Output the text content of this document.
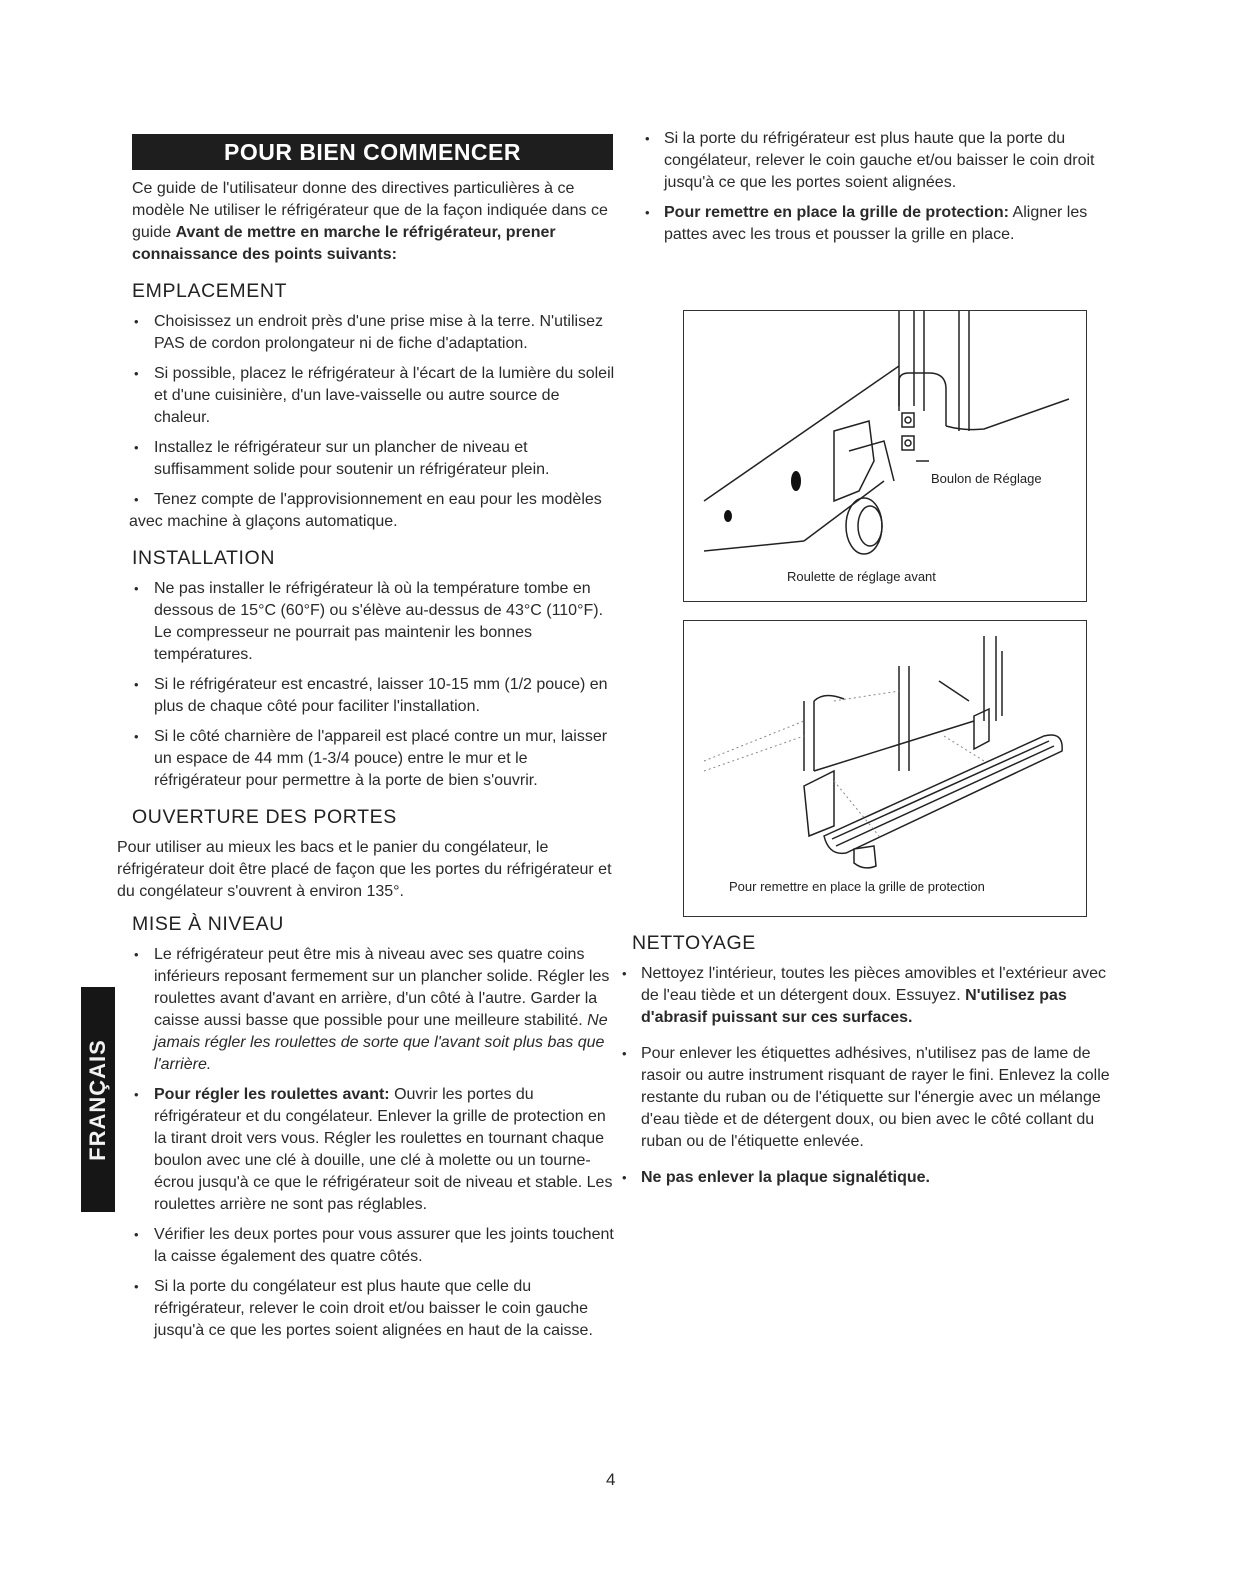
POUR BIEN COMMENCER

Ce guide de l'utilisateur donne des directives particulières à ce modèle Ne utiliser le réfrigérateur que de la façon indiquée dans ce guide Avant de mettre en marche le réfrigérateur, prener connaissance des points suivants:

EMPLACEMENT
• Choisissez un endroit près d'une prise mise à la terre. N'utilisez PAS de cordon prolongateur ni de fiche d'adaptation.
• Si possible, placez le réfrigérateur à l'écart de la lumière du soleil et d'une cuisinière, d'un lave-vaisselle ou autre source de chaleur.
• Installez le réfrigérateur sur un plancher de niveau et suffisamment solide pour soutenir un réfrigérateur plein.
• Tenez compte de l'approvisionnement en eau pour les modèles avec machine à glaçons automatique.
INSTALLATION
• Ne pas installer le réfrigérateur là où la température tombe en dessous de 15°C (60°F) ou s'élève au-dessus de 43°C (110°F). Le compresseur ne pourrait pas maintenir les bonnes températures.
• Si le réfrigérateur est encastré, laisser 10-15 mm (1/2 pouce) en plus de chaque côté pour faciliter l'installation.
• Si le côté charnière de l'appareil est placé contre un mur, laisser un espace de 44 mm (1-3/4 pouce) entre le mur et le réfrigérateur pour permettre à la porte de bien s'ouvrir.
OUVERTURE DES PORTES

Pour utiliser au mieux les bacs et le panier du congélateur, le réfrigérateur doit être placé de façon que les portes du réfrigérateur et du congélateur s'ouvrent à environ 135°.

MISE À NIVEAU
• Le réfrigérateur peut être mis à niveau avec ses quatre coins inférieurs reposant fermement sur un plancher solide. Régler les roulettes avant d'avant en arrière, d'un côté à l'autre. Garder la caisse aussi basse que possible pour une meilleure stabilité. Ne jamais régler les roulettes de sorte que l'avant soit plus bas que l'arrière.
• Pour régler les roulettes avant: Ouvrir les portes du réfrigérateur et du congélateur. Enlever la grille de protection en la tirant droit vers vous. Régler les roulettes en tournant chaque boulon avec une clé à douille, une clé à molette ou un tourne-écrou jusqu'à ce que le réfrigérateur soit de niveau et stable. Les roulettes arrière ne sont pas réglables.
• Vérifier les deux portes pour vous assurer que les joints touchent la caisse également des quatre côtés.
• Si la porte du congélateur est plus haute que celle du réfrigérateur, relever le coin droit et/ou baisser le coin gauche jusqu'à ce que les portes soient alignées en haut de la caisse.
FRANÇAIS
• Si la porte du réfrigérateur est plus haute que la porte du congélateur, relever le coin gauche et/ou baisser le coin droit jusqu'à ce que les portes soient alignées.
• Pour remettre en place la grille de protection: Aligner les pattes avec les trous et pousser la grille en place.
Boulon de Réglage
Roulette de réglage avant
Pour remettre en place la grille de protection
NETTOYAGE
• Nettoyez l'intérieur, toutes les pièces amovibles et l'extérieur avec de l'eau tiède et un détergent doux. Essuyez. N'utilisez pas d'abrasif puissant sur ces surfaces.
• Pour enlever les étiquettes adhésives, n'utilisez pas de lame de rasoir ou autre instrument risquant de rayer le fini. Enlevez la colle restante du ruban ou de l'étiquette sur l'énergie avec un mélange d'eau tiède et de détergent doux, ou bien avec le côté collant du ruban ou de l'étiquette enlevée.
• Ne pas enlever la plaque signalétique.
4
